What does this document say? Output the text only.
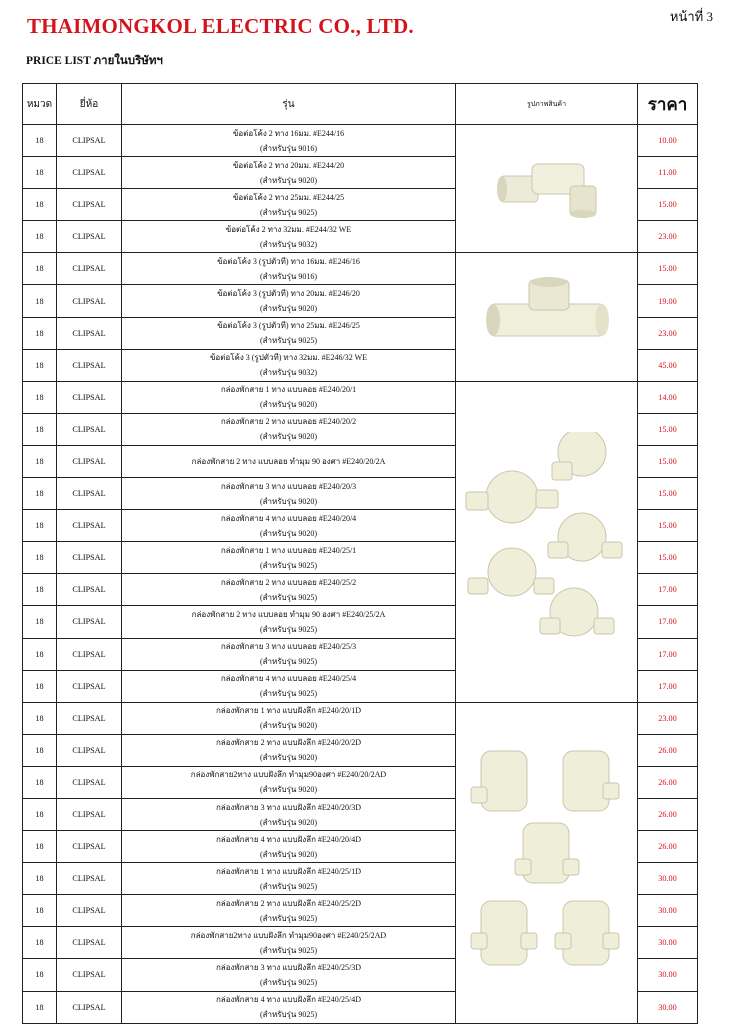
THAIMONGKOL ELECTRIC CO., LTD.	หน้าที่ 3
PRICE LIST ภายในบริษัทฯ
หมวด	ยี่ห้อ	รุ่น	รูปภาพสินค้า	ราคา
18	CLIPSAL	ข้อต่อโค้ง 2 ทาง 16มม. #E244/16
(สำหรับรุ่น 9016)		10.00
18	CLIPSAL	ข้อต่อโค้ง 2 ทาง 20มม. #E244/20
(สำหรับรุ่น 9020)		11.00
18	CLIPSAL	ข้อต่อโค้ง 2 ทาง 25มม. #E244/25
(สำหรับรุ่น 9025)		15.00
18	CLIPSAL	ข้อต่อโค้ง 2 ทาง 32มม. #E244/32 WE
(สำหรับรุ่น 9032)		23.00
18	CLIPSAL	ข้อต่อโค้ง 3 (รูปตัวที) ทาง 16มม. #E246/16
(สำหรับรุ่น 9016)		15.00
18	CLIPSAL	ข้อต่อโค้ง 3 (รูปตัวที) ทาง 20มม. #E246/20
(สำหรับรุ่น 9020)		19.00
18	CLIPSAL	ข้อต่อโค้ง 3 (รูปตัวที) ทาง 25มม. #E246/25
(สำหรับรุ่น 9025)		23.00
18	CLIPSAL	ข้อต่อโค้ง 3 (รูปตัวที) ทาง 32มม. #E246/32 WE
(สำหรับรุ่น 9032)		45.00
18	CLIPSAL	กล่องพักสาย 1 ทาง แบบลอย #E240/20/1
(สำหรับรุ่น 9020)		14.00
18	CLIPSAL	กล่องพักสาย 2 ทาง แบบลอย #E240/20/2
(สำหรับรุ่น 9020)		15.00
18	CLIPSAL	กล่องพักสาย 2 ทาง แบบลอย ทำมุม 90 องศา #E240/20/2A		15.00
18	CLIPSAL	กล่องพักสาย 3 ทาง แบบลอย #E240/20/3
(สำหรับรุ่น 9020)		15.00
18	CLIPSAL	กล่องพักสาย 4 ทาง แบบลอย #E240/20/4
(สำหรับรุ่น 9020)		15.00
18	CLIPSAL	กล่องพักสาย 1 ทาง แบบลอย #E240/25/1
(สำหรับรุ่น 9025)		15.00
18	CLIPSAL	กล่องพักสาย 2 ทาง แบบลอย #E240/25/2
(สำหรับรุ่น 9025)		17.00
18	CLIPSAL	กล่องพักสาย 2 ทาง แบบลอย ทำมุม 90 องศา #E240/25/2A
(สำหรับรุ่น 9025)		17.00
18	CLIPSAL	กล่องพักสาย 3 ทาง แบบลอย #E240/25/3
(สำหรับรุ่น 9025)		17.00
18	CLIPSAL	กล่องพักสาย 4 ทาง แบบลอย #E240/25/4
(สำหรับรุ่น 9025)		17.00
18	CLIPSAL	กล่องพักสาย 1 ทาง แบบฝังลึก #E240/20/1D
(สำหรับรุ่น 9020)		23.00
18	CLIPSAL	กล่องพักสาย 2 ทาง แบบฝังลึก #E240/20/2D
(สำหรับรุ่น 9020)		26.00
18	CLIPSAL	กล่องพักสาย2ทาง แบบฝังลึก ทำมุม90องศา #E240/20/2AD
(สำหรับรุ่น 9020)		26.00
18	CLIPSAL	กล่องพักสาย 3 ทาง แบบฝังลึก #E240/20/3D
(สำหรับรุ่น 9020)		26.00
18	CLIPSAL	กล่องพักสาย 4 ทาง แบบฝังลึก #E240/20/4D
(สำหรับรุ่น 9020)		26.00
18	CLIPSAL	กล่องพักสาย 1 ทาง แบบฝังลึก #E240/25/1D
(สำหรับรุ่น 9025)		30.00
18	CLIPSAL	กล่องพักสาย 2 ทาง แบบฝังลึก #E240/25/2D
(สำหรับรุ่น 9025)		30.00
18	CLIPSAL	กล่องพักสาย2ทาง แบบฝังลึก ทำมุม90องศา #E240/25/2AD
(สำหรับรุ่น 9025)		30.00
18	CLIPSAL	กล่องพักสาย 3 ทาง แบบฝังลึก #E240/25/3D
(สำหรับรุ่น 9025)		30.00
18	CLIPSAL	กล่องพักสาย 4 ทาง แบบฝังลึก #E240/25/4D
(สำหรับรุ่น 9025)		30.00
